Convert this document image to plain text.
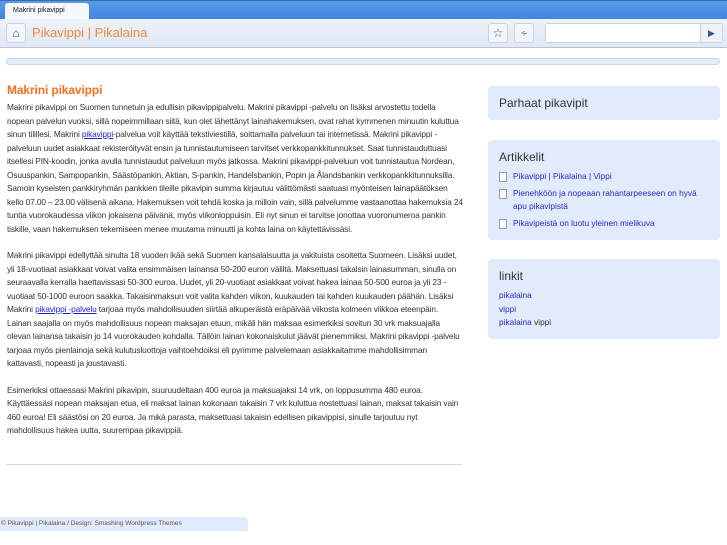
Makrini pikavippi
⌂ Pikavippi | Pikalaina	☆	∻	▶
Makrini pikavippi

Makrini pikavippi on Suomen tunnetuin ja edullisin pikavippipalvelu. Makrini pikavippi -palvelu on lisäksi arvostettu todella nopean palvelun vuoksi, sillä nopeimmillaan siitä, kun olet lähettänyt lainahakemuksen, ovat rahat kymmenen minuutin kuluttua sinun tilillesi. Makrini pikavippi-palvelua voit käyttää tekstiviestillä, soittamalla palveluun tai internetissä. Makrini pikavippi -palveluun uudet asiakkaat rekisteröityvät ensin ja tunnistautumiseen tarvitset verkkopankkitunnukset. Saat tunnistauduttuasi itsellesi PIN-koodin, jonka avulla tunnistaudut palveluun myös jatkossa. Makrini pikavippi-palveluun voit tunnistautua Nordean, Osuuspankin, Sampopankin, Säästöpankin, Aktian, S-pankin, Handelsbankin, Popin ja Ålandsbankin verkkopankkitunnuksilla. Samoin kyseisten pankkiryhmän pankkien tileille pikavipin summa kirjautuu välittömästi saatuasi myönteisen lainapäätöksen kello 07.00 – 23.00 välisenä aikana. Hakemuksen voit tehdä koska ja milloin vain, sillä palvelumme vastaanottaa hakemuksia 24 tuntia vuorokaudessa viikon jokaisena päivänä, myös viikonloppuisin. Eli nyt sinun ei tarvitse jonottaa vuoronumeroa pankin tiskille, vaan hakemuksen tekemiseen menee muutama minuutti ja kohta laina on käytettävissäsi.

Makrini pikavippi edellyttää sinulta 18 vuoden ikää sekä Suomen kansalaisuutta ja vakituista osoitetta Suomeen. Lisäksi uudet, yli 18-vuotiaat asiakkaat voivat valita ensimmäisen lainansa 50-200 euron väliltä. Maksettuasi takaisin lainasumman, sinulla on seuraavalla kerralla haettavissasi 50-300 euroa. Uudet, yli 20-vuotiaat asiakkaat voivat hakea lainaa 50-500 euroa ja yli 23 -vuotiaat 50-1000 euroon saakka. Takaisinmaksun voit valita kahden viikon, kuukauden tai kahden kuukauden päähän. Lisäksi Makrini pikavippi -palvelu tarjoaa myös mahdollisuuden siirtää alkuperäistä eräpäivää viikosta kolmeen viikkoa eteenpäin. Lainan saajalla on myös mahdollisuus nopean maksajan etuun, mikäli hän maksaa esimerkiksi sovitun 30 vrk maksuajalla olevan lainansa takaisin jo 14 vuorokauden kohdalla. Tällöin lainan kokonaiskulut jäävät pienemmiksi. Makrini pikavippi -palvelu tarjoaa myös pienlainoja sekä kulutusluottoja vaihtoehdoiksi eli pyrimme palvelemaan asiakkaitamme mahdollisimman kattavasti, nopeasti ja joustavasti.

Esimerkiksi ottaessasi Makrini pikavipin, suuruudeltaan 400 euroa ja maksuajaksi 14 vrk, on loppusumma 480 euroa. Käyttäessäsi nopean maksajan etua, eli maksat lainan kokonaan takaisin 7 vrk kuluttua nostettuasi lainan, maksat takaisin vain 460 euroa! Eli säästösi on 20 euroa. Ja mikä parasta, maksettuasi takaisin edellisen pikavippisi, sinulle tarjoutuu nyt mahdollisuus hakea uutta, suurempaa pikavippiä.

Parhaat pikavipit
Artikkelit
Pikavippi | Pikalaina | Vippi
Pienehköön ja nopeaan rahantarpeeseen on hyvä apu pikavipistä
Pikavipeistä on luotu yleinen mielikuva
linkit
pikalaina
vippi
pikalaina vippi
© Pikavippi | Pikalaina / Design: Smashing Wordpress Themes
